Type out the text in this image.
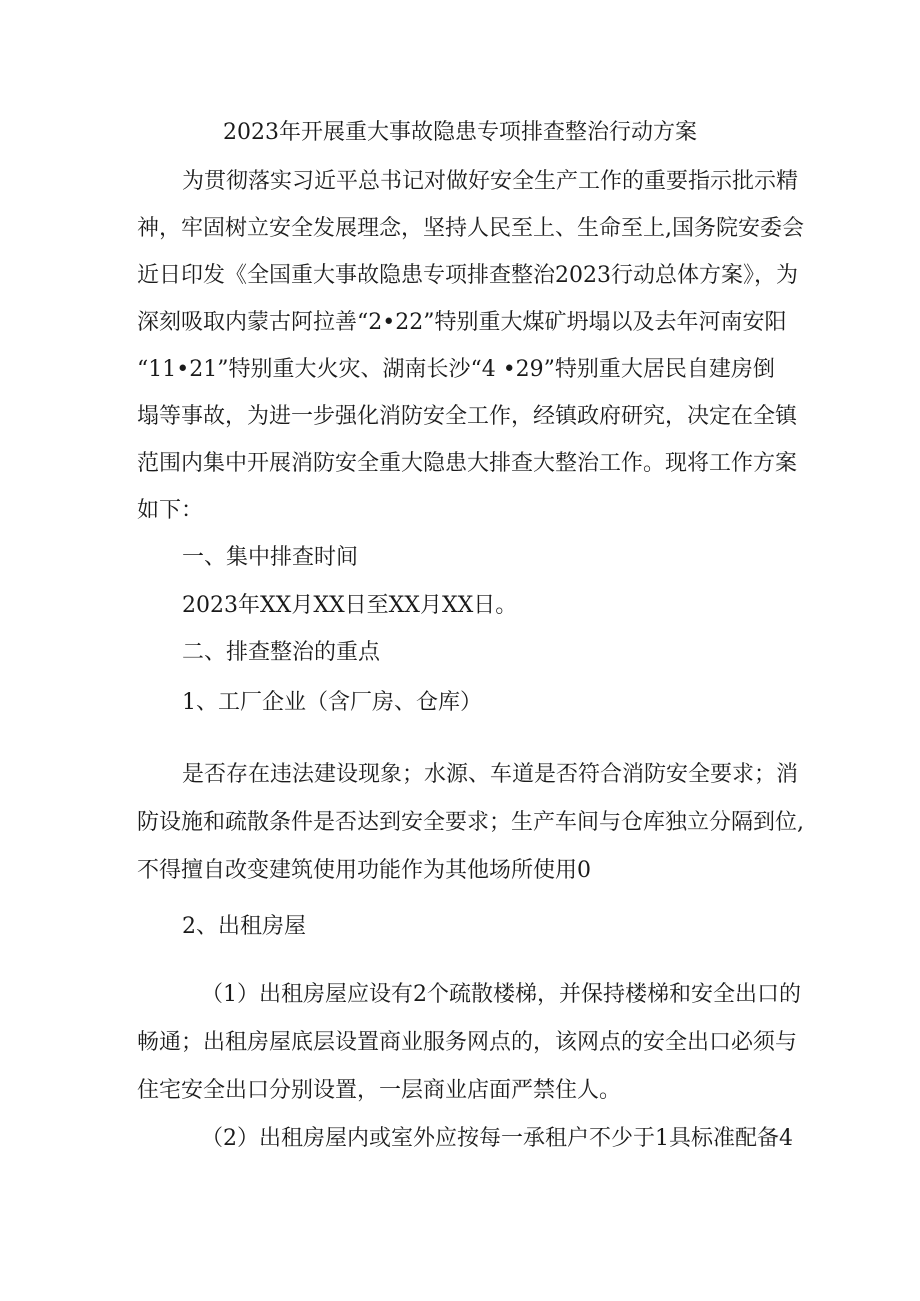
2023年开展重大事故隐患专项排查整治行动方案
为贯彻落实习近平总书记对做好安全生产工作的重要指示批示精
神，牢固树立安全发展理念，坚持人民至上、生命至上,国务院安委会
近日印发《全国重大事故隐患专项排查整治2023行动总体方案》，为
深刻吸取内蒙古阿拉善“2•22”特别重大煤矿坍塌以及去年河南安阳
“11•21”特别重大火灾、湖南长沙“4 •29”特别重大居民自建房倒
塌等事故，为进一步强化消防安全工作，经镇政府研究，决定在全镇
范围内集中开展消防安全重大隐患大排查大整治工作。现将工作方案
如下：
一、集中排查时间
2023年XX月XX日至XX月XX日。
二、排查整治的重点
1、工厂企业（含厂房、仓库）
是否存在违法建设现象；水源、车道是否符合消防安全要求；消
防设施和疏散条件是否达到安全要求；生产车间与仓库独立分隔到位,
不得擅自改变建筑使用功能作为其他场所使用0
2、出租房屋
（1）出租房屋应设有2个疏散楼梯，并保持楼梯和安全出口的
畅通；出租房屋底层设置商业服务网点的，该网点的安全出口必须与
住宅安全出口分别设置，一层商业店面严禁住人。
（2）出租房屋内或室外应按每一承租户不少于1具标准配备4
